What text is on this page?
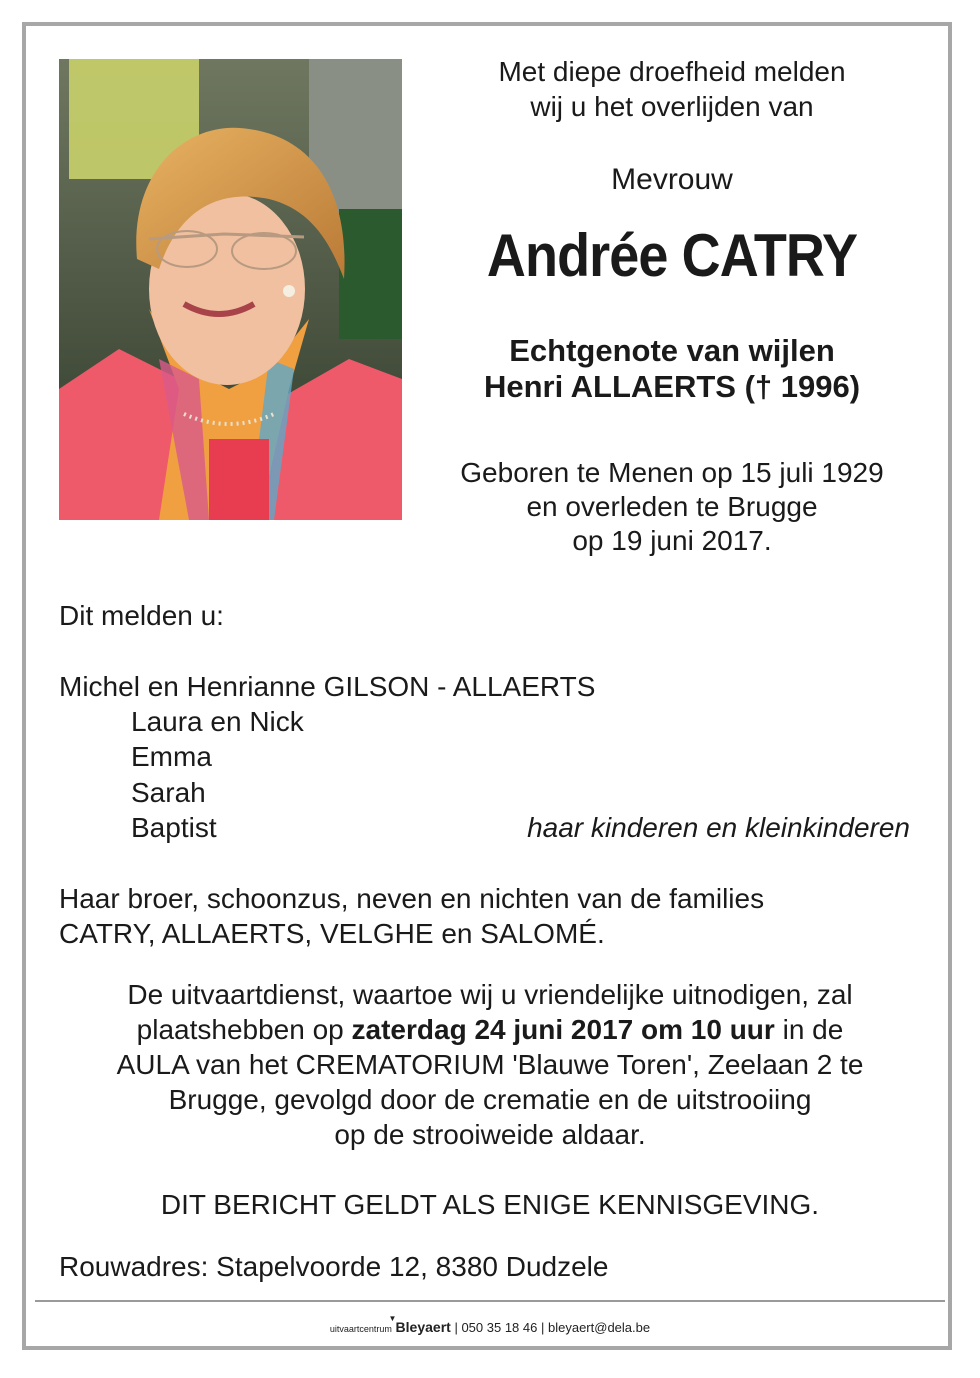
Met diepe droefheid melden
wij u het overlijden van
Mevrouw
Andrée CATRY
Echtgenote van wijlen
Henri ALLAERTS († 1996)
Geboren te Menen op 15 juli 1929
en overleden te Brugge
op 19 juni 2017.
Dit melden u:
Michel en Henrianne GILSON - ALLAERTS
Laura en Nick
Emma
Sarah
Baptist	haar kinderen en kleinkinderen
Haar broer, schoonzus, neven en nichten van de families
CATRY, ALLAERTS, VELGHE en SALOMÉ.
De uitvaartdienst, waartoe wij u vriendelijke uitnodigen, zal
plaatshebben op zaterdag 24 juni 2017 om 10 uur in de
AULA van het CREMATORIUM 'Blauwe Toren', Zeelaan 2 te
Brugge, gevolgd door de crematie en de uitstrooiing
op de strooiweide aldaar.
DIT BERICHT GELDT ALS ENIGE KENNISGEVING.
Rouwadres: Stapelvoorde 12, 8380 Dudzele
uitvaartcentrum ▼ Bleyaert | 050 35 18 46 | bleyaert@dela.be
